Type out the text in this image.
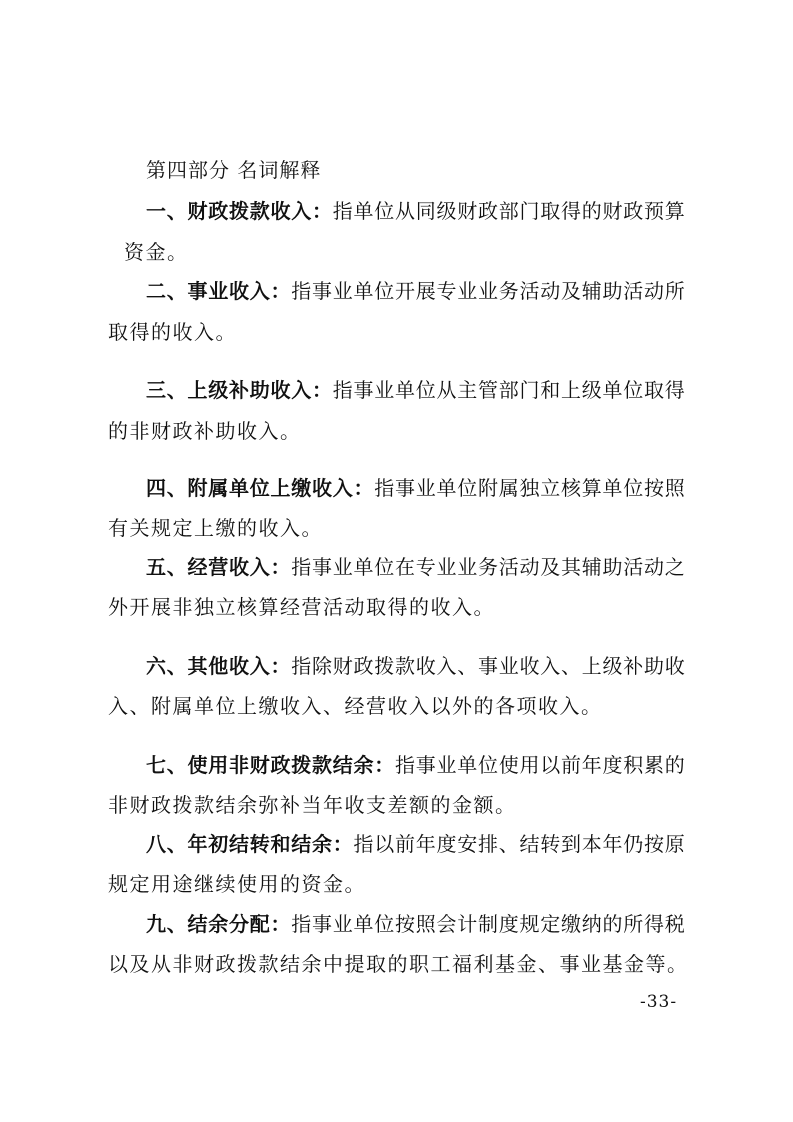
第四部分 名词解释
一、财政拨款收入：指单位从同级财政部门取得的财政预算
资金。
二、事业收入：指事业单位开展专业业务活动及辅助活动所
取得的收入。
三、上级补助收入：指事业单位从主管部门和上级单位取得
的非财政补助收入。
四、附属单位上缴收入：指事业单位附属独立核算单位按照
有关规定上缴的收入。
五、经营收入：指事业单位在专业业务活动及其辅助活动之
外开展非独立核算经营活动取得的收入。
六、其他收入：指除财政拨款收入、事业收入、上级补助收
入、附属单位上缴收入、经营收入以外的各项收入。
七、使用非财政拨款结余：指事业单位使用以前年度积累的
非财政拨款结余弥补当年收支差额的金额。
八、年初结转和结余：指以前年度安排、结转到本年仍按原
规定用途继续使用的资金。
九、结余分配：指事业单位按照会计制度规定缴纳的所得税
以及从非财政拨款结余中提取的职工福利基金、事业基金等。
-33-
